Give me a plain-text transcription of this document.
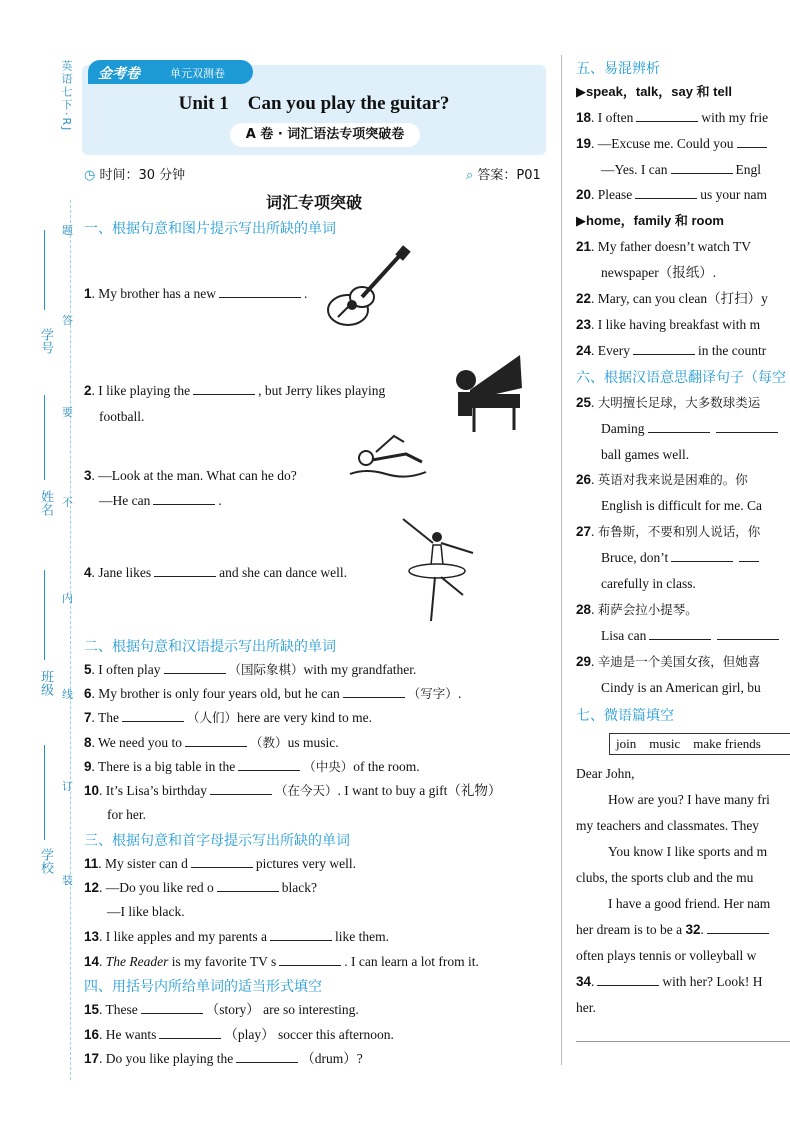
英语七下·RJ
题
答
要
不
内
线
订
装
学号
姓名
班级
学校
金考卷	单元双测卷
Unit 1    Can you play the guitar?
A 卷 · 词汇语法专项突破卷
◷ 时间：30 分钟	⌕ 答案：P01
词汇专项突破
一、根据句意和图片提示写出所缺的单词
1. My brother has a new	.
2. I like playing the	, but Jerry likes playing
football.
3. —Look at the man. What can he do?
—He can	.
4. Jane likes	and she can dance well.
二、根据句意和汉语提示写出所缺的单词
5. I often play	（国际象棋）with my grandfather.
6. My brother is only four years old, but he can	（写字）.
7. The	（人们）here are very kind to me.
8. We need you to	（教）us music.
9. There is a big table in the	（中央）of the room.
10. It’s Lisa’s birthday	（在今天）. I want to buy a gift（礼物）
for her.
三、根据句意和首字母提示写出所缺的单词
11. My sister can d	pictures very well.
12. —Do you like red o	black?
—I like black.
13. I like apples and my parents a	like them.
14. The Reader is my favorite TV s	. I can learn a lot from it.
四、用括号内所给单词的适当形式填空
15. These	（story） are so interesting.
16. He wants	（play） soccer this afternoon.
17. Do you like playing the	（drum）?
五、易混辨析
▶speak，talk，say 和 tell
18. I often	with my frie
19. —Excuse me. Could you
—Yes. I can	Engl
20. Please	us your nam
▶home，family 和 room
21. My father doesn’t watch TV
newspaper（报纸）.
22. Mary, can you clean（打扫）y
23. I like having breakfast with m
24. Every	in the countr
六、根据汉语意思翻译句子（每空
25. 大明擅长足球，大多数球类运
Daming
ball games well.
26. 英语对我来说是困难的。你
English is difficult for me. Ca
27. 布鲁斯，不要和别人说话，你
Bruce, don’t
carefully in class.
28. 莉萨会拉小提琴。
Lisa can
29. 辛迪是一个美国女孩，但她喜
Cindy is an American girl, bu
七、微语篇填空
join    music    make friends
Dear John,
How are you? I have many fri
my teachers and classmates. They
You know I like sports and m
clubs, the sports club and the mu
I have a good friend. Her nam
her dream is to be a 32.
often plays tennis or volleyball w
34.	with her? Look! H
her.
